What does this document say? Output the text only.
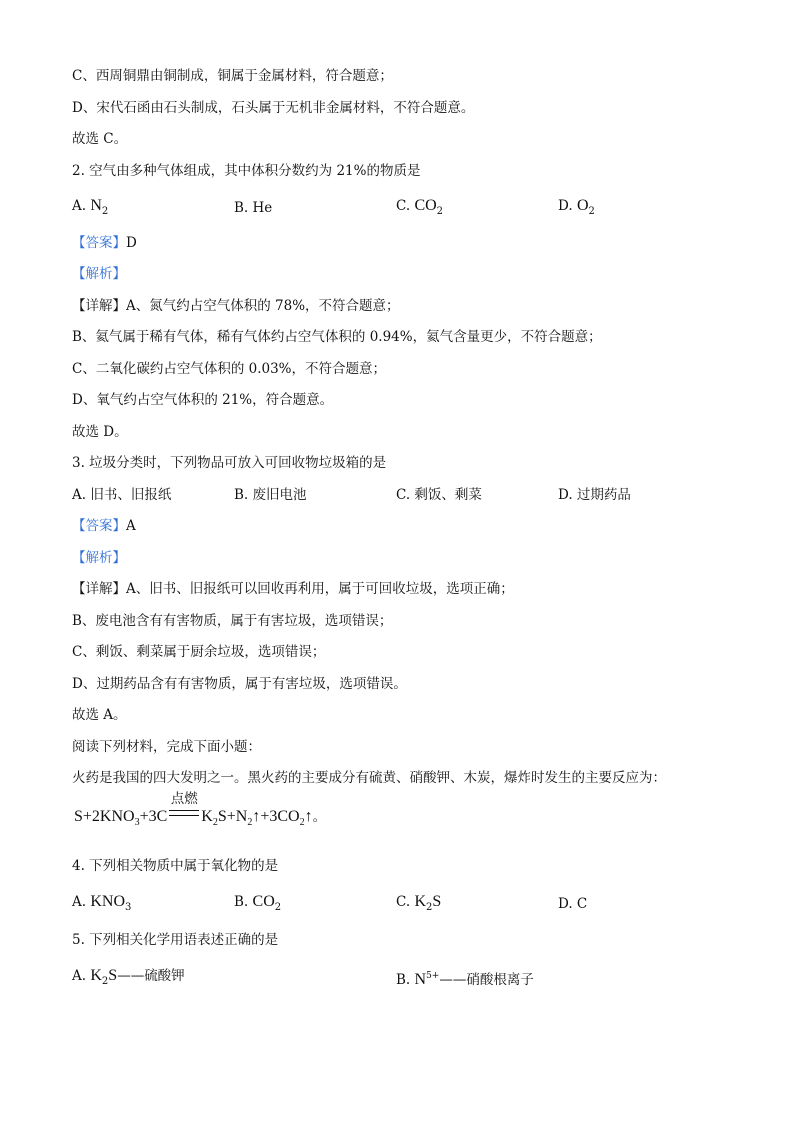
C、西周铜鼎由铜制成，铜属于金属材料，符合题意；
D、宋代石函由石头制成，石头属于无机非金属材料，不符合题意。
故选 C。
2. 空气由多种气体组成，其中体积分数约为 21%的物质是
A. $N_2$	B. He	C. $CO_2$	D. $O_2$
【答案】D
【解析】
【详解】A、氮气约占空气体积的 78%，不符合题意；
B、氦气属于稀有气体，稀有气体约占空气体积的 0.94%，氦气含量更少，不符合题意；
C、二氧化碳约占空气体积的 0.03%，不符合题意；
D、氧气约占空气体积的 21%，符合题意。
故选 D。
3. 垃圾分类时，下列物品可放入可回收物垃圾箱的是
A. 旧书、旧报纸	B. 废旧电池	C. 剩饭、剩菜	D. 过期药品
【答案】A
【解析】
【详解】A、旧书、旧报纸可以回收再利用，属于可回收垃圾，选项正确；
B、废电池含有有害物质，属于有害垃圾，选项错误；
C、剩饭、剩菜属于厨余垃圾，选项错误；
D、过期药品含有有害物质，属于有害垃圾，选项错误。
故选 A。
阅读下列材料，完成下面小题：
火药是我国的四大发明之一。黑火药的主要成分有硫黄、硝酸钾、木炭，爆炸时发生的主要反应为：
$S+2KNO_3+3C$
点燃
$K_2S+N_2↑+3CO_2↑$。
4. 下列相关物质中属于氧化物的是
A. $KNO_3$	B. $CO_2$	C. $K_2S$	D. C
5. 下列相关化学用语表述正确的是
A. $K_2S——$硫酸钾	B. $N^{5+}——$硝酸根离子
